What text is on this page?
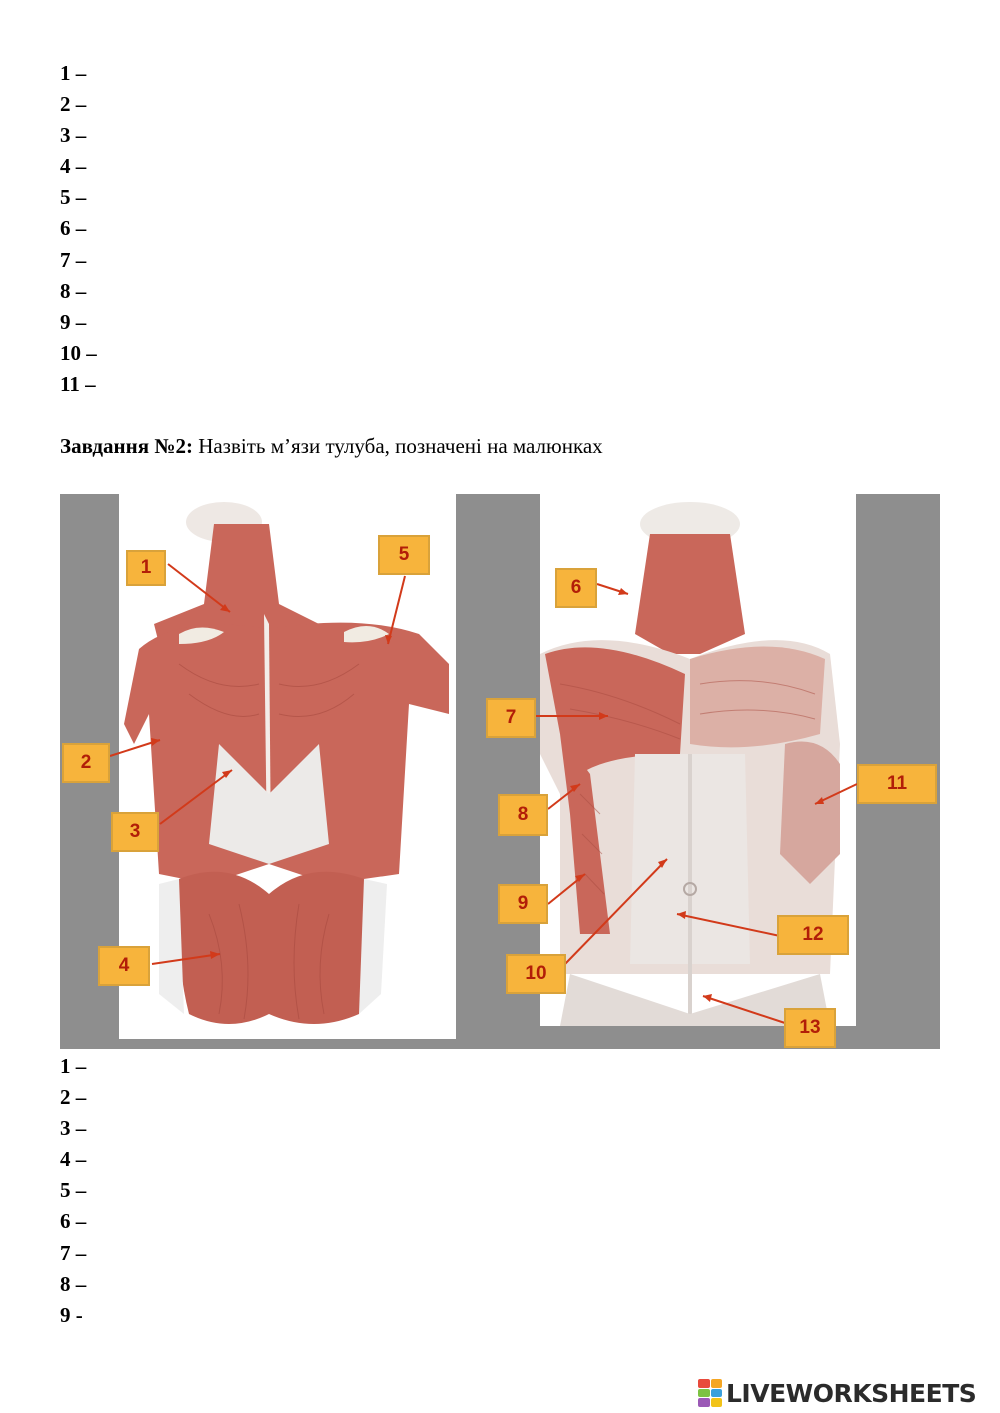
1 –
2 –
3 –
4 –
5 –
6 –
7 –
8 –
9 –
10 –
11 –
Завдання №2: Назвіть м’язи тулуба, позначені на малюнках
1
2
3
4
5
6
7
8
9
10
11
12
13
1 –
2 –
3 –
4 –
5 –
6 –
7 –
8 –
9 -
LIVEWORKSHEETS
